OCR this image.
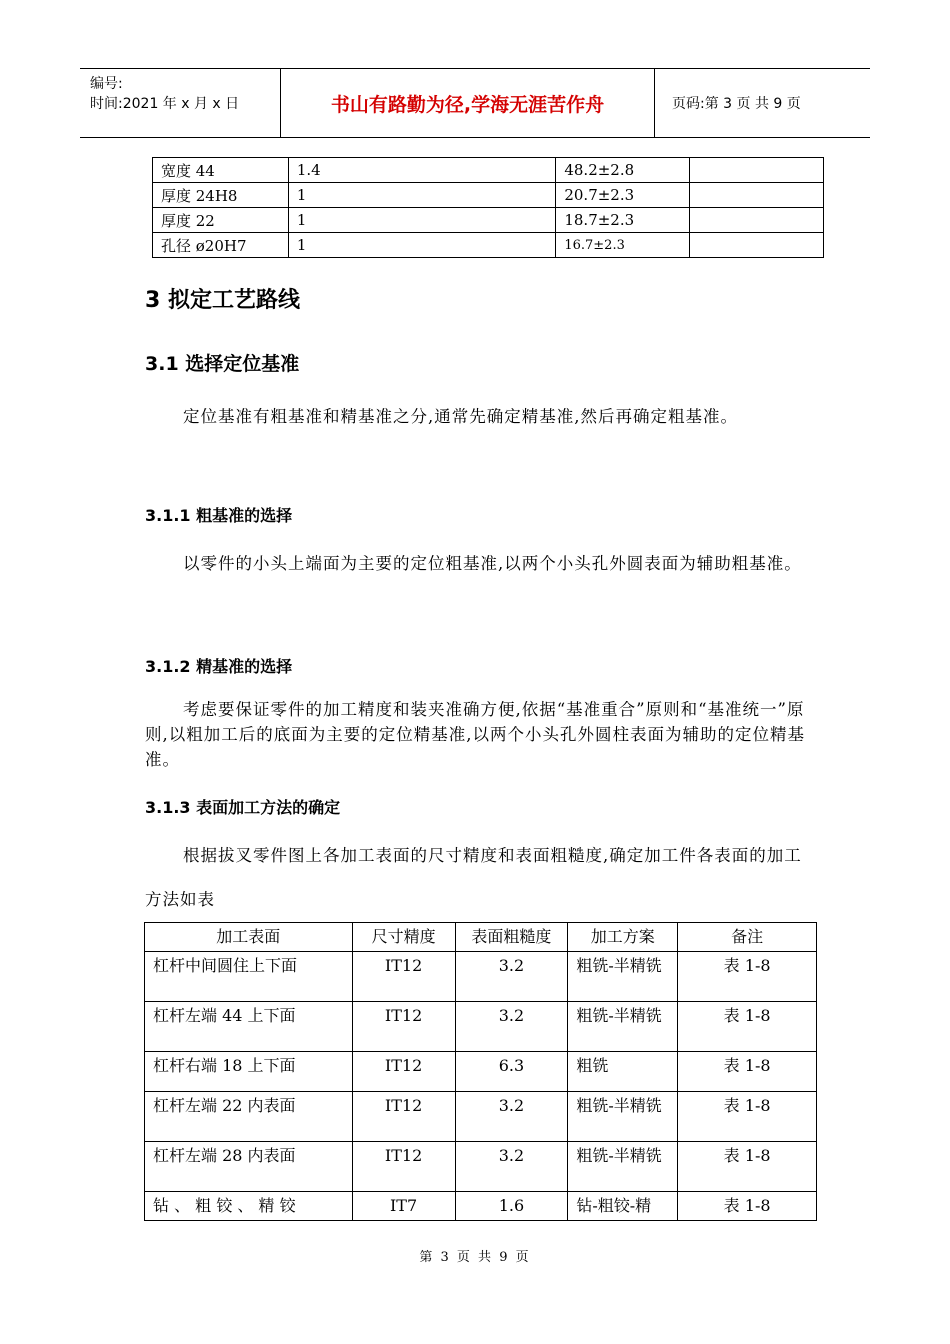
编号:
时间:2021 年 x 月 x 日	书山有路勤为径,学海无涯苦作舟	页码:第 3 页 共 9 页
宽度 44	1.4	48.2±2.8	
厚度 24H8	1	20.7±2.3	
厚度 22	1	18.7±2.3	
孔径 ø20H7	1	16.7±2.3	
3 拟定工艺路线
3.1 选择定位基准
定位基准有粗基准和精基准之分,通常先确定精基准,然后再确定粗基准。
3.1.1 粗基准的选择
以零件的小头上端面为主要的定位粗基准,以两个小头孔外圆表面为辅助粗基准。
3.1.2 精基准的选择
考虑要保证零件的加工精度和装夹准确方便,依据“基准重合”原则和“基准统一”原则,以粗加工后的底面为主要的定位精基准,以两个小头孔外圆柱表面为辅助的定位精基准。
3.1.3 表面加工方法的确定
根据拔叉零件图上各加工表面的尺寸精度和表面粗糙度,确定加工件各表面的加工方法如表
加工表面	尺寸精度	表面粗糙度	加工方案	备注
杠杆中间圆住上下面	IT12	3.2	粗铣-半精铣	表 1-8
杠杆左端 44 上下面	IT12	3.2	粗铣-半精铣	表 1-8
杠杆右端 18 上下面	IT12	6.3	粗铣	表 1-8
杠杆左端 22 内表面	IT12	3.2	粗铣-半精铣	表 1-8
杠杆左端 28 内表面	IT12	3.2	粗铣-半精铣	表 1-8
钻 、 粗 铰 、 精 铰	IT7	1.6	钻-粗铰-精	表 1-8
第 3 页 共 9 页
